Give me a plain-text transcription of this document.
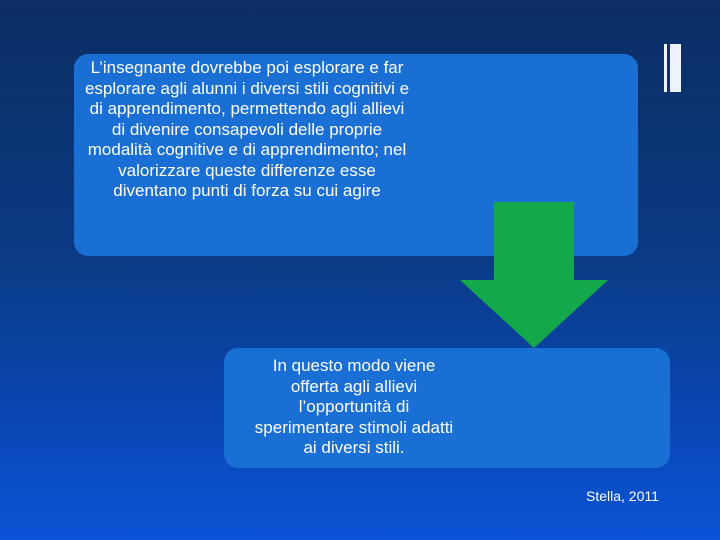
L’insegnante dovrebbe poi esplorare e far esplorare agli alunni i diversi stili cognitivi e di apprendimento, permettendo agli allievi di divenire consapevoli delle proprie modalità cognitive e di apprendimento; nel valorizzare queste differenze esse diventano punti di forza su cui agire
In questo modo viene offerta agli allievi l’opportunità di sperimentare stimoli adatti ai diversi stili.
Stella, 2011
